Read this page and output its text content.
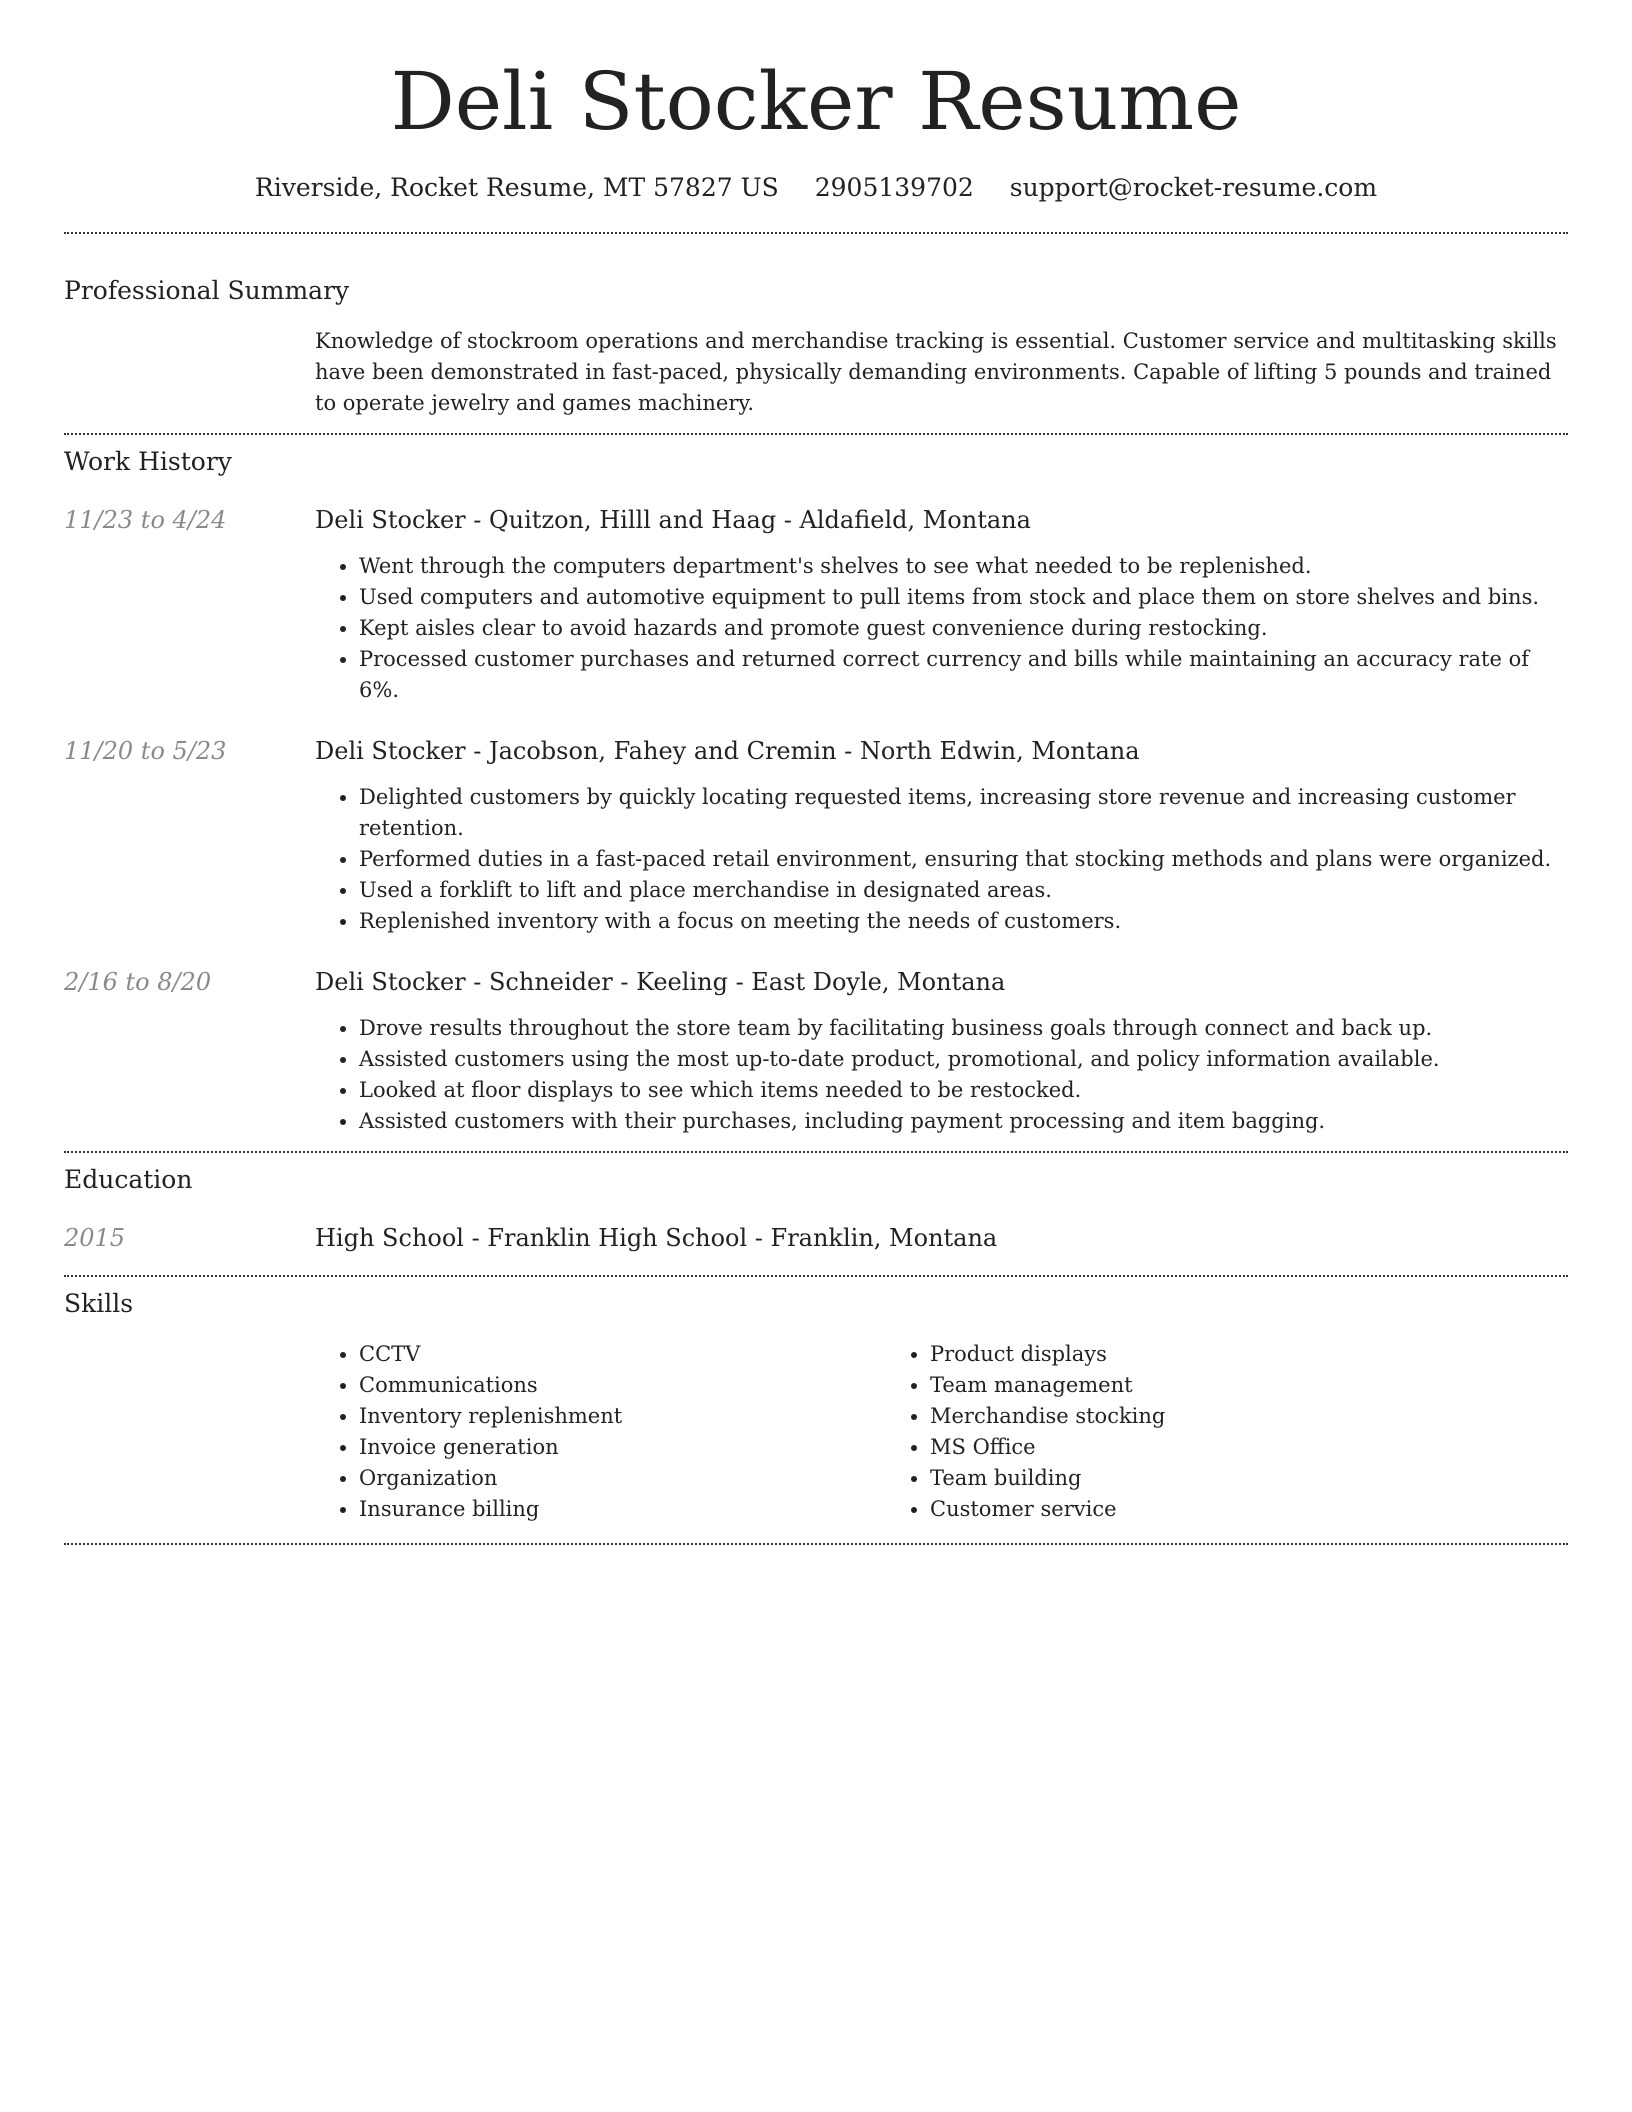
Deli Stocker Resume
Riverside, Rocket Resume, MT 57827 US 2905139702 support@rocket-resume.com
Professional Summary

Knowledge of stockroom operations and merchandise tracking is essential. Customer service and multitasking skills have been demonstrated in fast-paced, physically demanding environments. Capable of lifting 5 pounds and trained to operate jewelry and games machinery.

Work History
11/23 to 4/24	Deli Stocker - Quitzon, Hilll and Haag - Aldafield, Montana
• Went through the computers department's shelves to see what needed to be replenished.
• Used computers and automotive equipment to pull items from stock and place them on store shelves and bins.
• Kept aisles clear to avoid hazards and promote guest convenience during restocking.
• Processed customer purchases and returned correct currency and bills while maintaining an accuracy rate of 6%.
11/20 to 5/23	Deli Stocker - Jacobson, Fahey and Cremin - North Edwin, Montana
• Delighted customers by quickly locating requested items, increasing store revenue and increasing customer retention.
• Performed duties in a fast-paced retail environment, ensuring that stocking methods and plans were organized.
• Used a forklift to lift and place merchandise in designated areas.
• Replenished inventory with a focus on meeting the needs of customers.
2/16 to 8/20	Deli Stocker - Schneider - Keeling - East Doyle, Montana
• Drove results throughout the store team by facilitating business goals through connect and back up.
• Assisted customers using the most up-to-date product, promotional, and policy information available.
• Looked at floor displays to see which items needed to be restocked.
• Assisted customers with their purchases, including payment processing and item bagging.
Education
2015	High School - Franklin High School - Franklin, Montana
Skills
• CCTV
• Communications
• Inventory replenishment
• Invoice generation
• Organization
• Insurance billing
• Product displays
• Team management
• Merchandise stocking
• MS Office
• Team building
• Customer service
